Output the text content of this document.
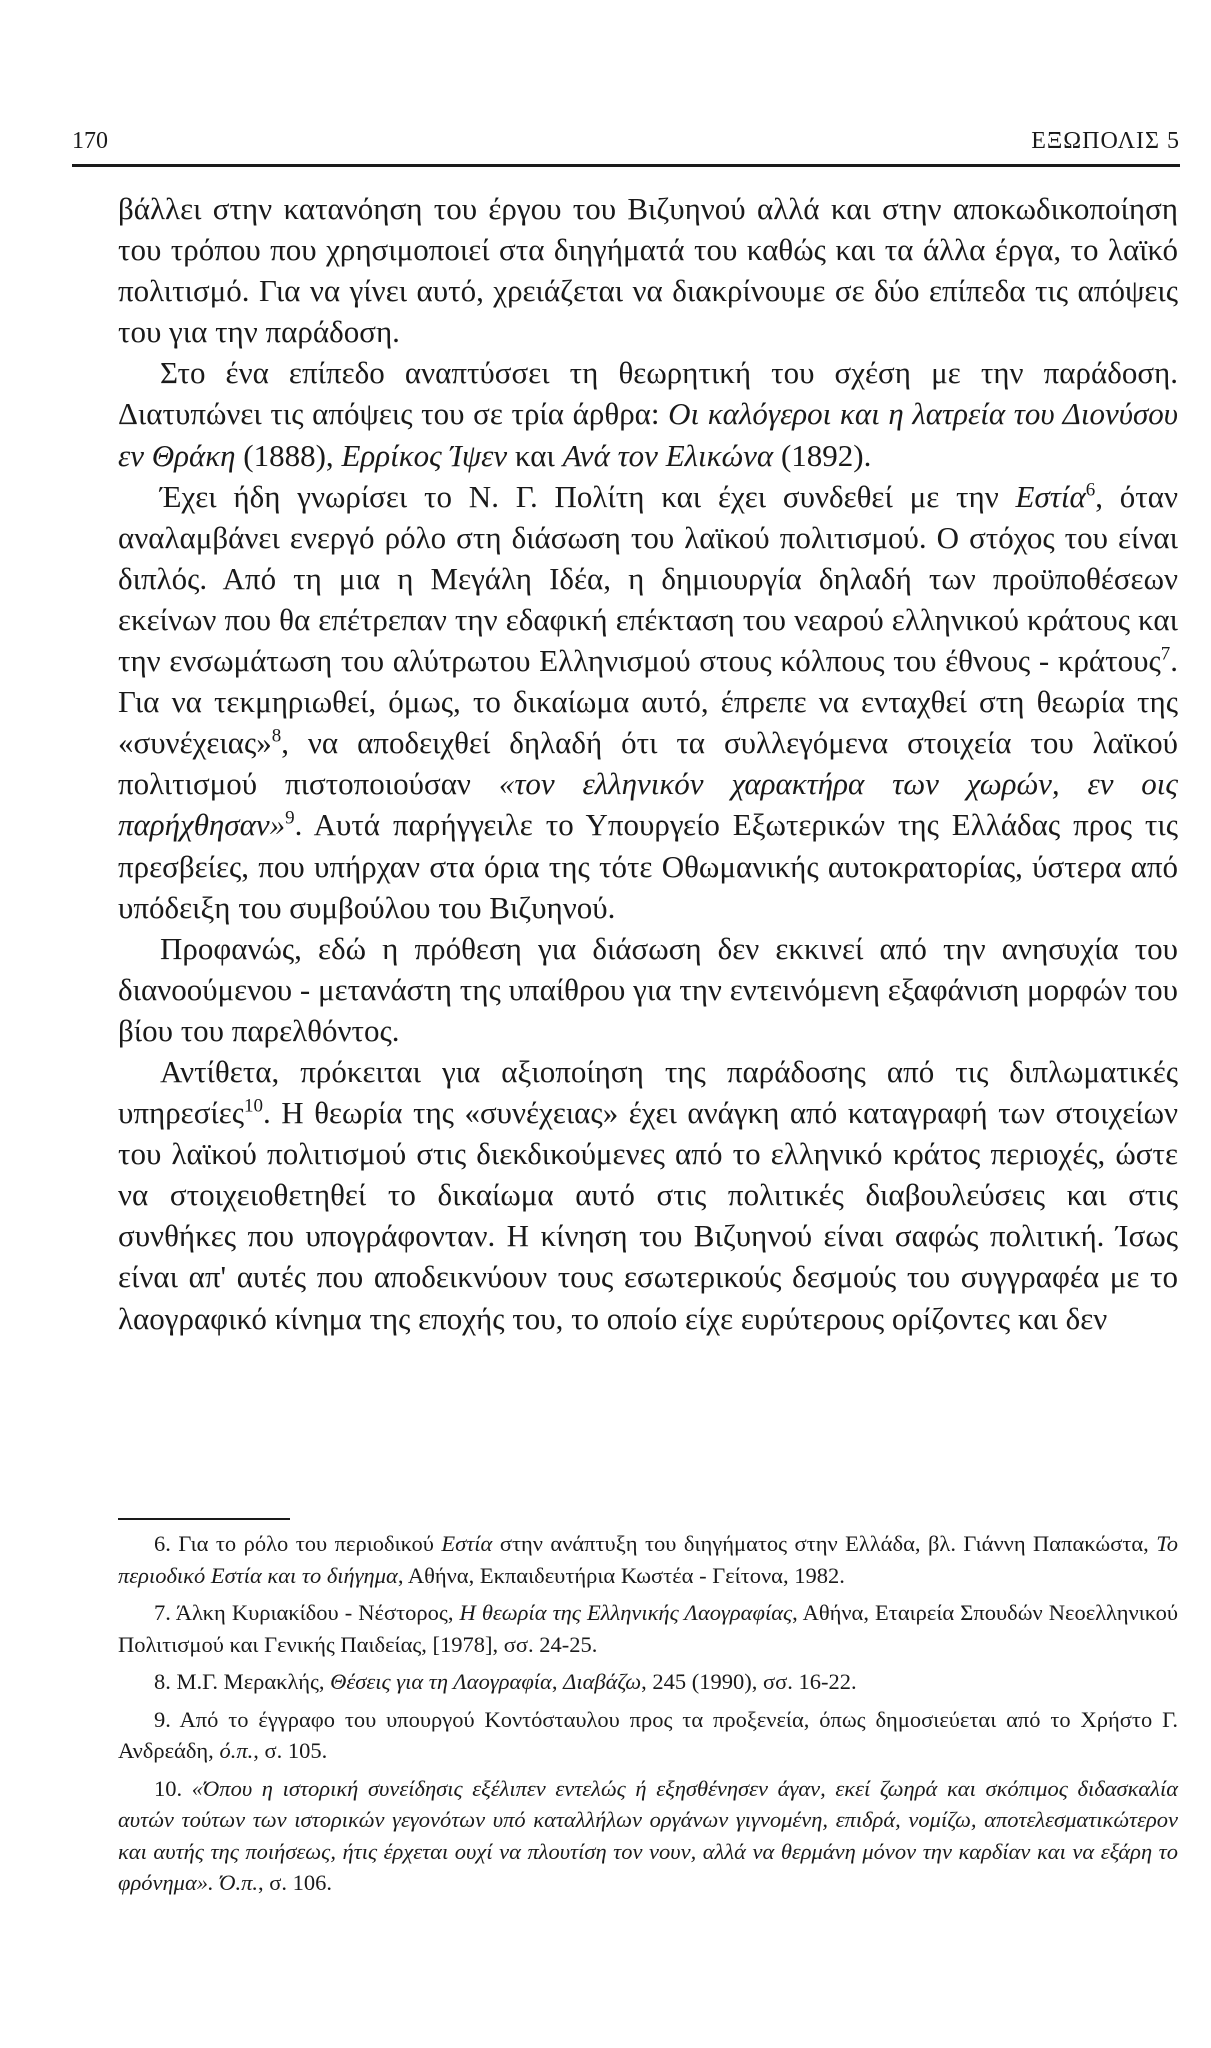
170	ΕΞΩΠΟΛΙΣ 5

βάλλει στην κατανόηση του έργου του Βιζυηνού αλλά και στην αποκωδικοποίηση του τρόπου που χρησιμοποιεί στα διηγήματά του καθώς και τα άλλα έργα, το λαϊκό πολιτισμό. Για να γίνει αυτό, χρειάζεται να διακρίνουμε σε δύο επίπεδα τις απόψεις του για την παράδοση.

Στο ένα επίπεδο αναπτύσσει τη θεωρητική του σχέση με την παράδοση. Διατυπώνει τις απόψεις του σε τρία άρθρα: Οι καλόγεροι και η λατρεία του Διονύσου εν Θράκη (1888), Ερρίκος Ίψεν και Ανά τον Ελικώνα (1892).

Έχει ήδη γνωρίσει το Ν. Γ. Πολίτη και έχει συνδεθεί με την Εστία$^6$, όταν αναλαμβάνει ενεργό ρόλο στη διάσωση του λαϊκού πολιτισμού. Ο στόχος του είναι διπλός. Από τη μια η Μεγάλη Ιδέα, η δημιουργία δηλαδή των προϋποθέσεων εκείνων που θα επέτρεπαν την εδαφική επέκταση του νεαρού ελληνικού κράτους και την ενσωμάτωση του αλύτρωτου Ελληνισμού στους κόλπους του έθνους - κράτους$^7$. Για να τεκμηριωθεί, όμως, το δικαίωμα αυτό, έπρεπε να ενταχθεί στη θεωρία της «συνέχειας»$^8$, να αποδειχθεί δηλαδή ότι τα συλλεγόμενα στοιχεία του λαϊκού πολιτισμού πιστοποιούσαν «τον ελληνικόν χαρακτήρα των χωρών, εν οις παρήχθησαν»$^9$. Αυτά παρήγγειλε το Υπουργείο Εξωτερικών της Ελλάδας προς τις πρεσβείες, που υπήρχαν στα όρια της τότε Οθωμανικής αυτοκρατορίας, ύστερα από υπόδειξη του συμβούλου του Βιζυηνού.

Προφανώς, εδώ η πρόθεση για διάσωση δεν εκκινεί από την ανησυχία του διανοούμενου - μετανάστη της υπαίθρου για την εντεινόμενη εξαφάνιση μορφών του βίου του παρελθόντος.

Αντίθετα, πρόκειται για αξιοποίηση της παράδοσης από τις διπλωματικές υπηρεσίες$^{10}$. Η θεωρία της «συνέχειας» έχει ανάγκη από καταγραφή των στοιχείων του λαϊκού πολιτισμού στις διεκδικούμενες από το ελληνικό κράτος περιοχές, ώστε να στοιχειοθετηθεί το δικαίωμα αυτό στις πολιτικές διαβουλεύσεις και στις συνθήκες που υπογράφονταν. Η κίνηση του Βιζυηνού είναι σαφώς πολιτική. Ίσως είναι απ' αυτές που αποδεικνύουν τους εσωτερικούς δεσμούς του συγγραφέα με το λαογραφικό κίνημα της εποχής του, το οποίο είχε ευρύτερους ορίζοντες και δεν

6. Για το ρόλο του περιοδικού Εστία στην ανάπτυξη του διηγήματος στην Ελλάδα, βλ. Γιάννη Παπακώστα, Το περιοδικό Εστία και το διήγημα, Αθήνα, Εκπαιδευτήρια Κωστέα - Γείτονα, 1982.

7. Άλκη Κυριακίδου - Νέστορος, Η θεωρία της Ελληνικής Λαογραφίας, Αθήνα, Εταιρεία Σπουδών Νεοελληνικού Πολιτισμού και Γενικής Παιδείας, [1978], σσ. 24-25.

8. Μ.Γ. Μερακλής, Θέσεις για τη Λαογραφία, Διαβάζω, 245 (1990), σσ. 16-22.

9. Από το έγγραφο του υπουργού Κοντόσταυλου προς τα προξενεία, όπως δημοσιεύεται από το Χρήστο Γ. Ανδρεάδη, ό.π., σ. 105.

10. «Όπου η ιστορική συνείδησις εξέλιπεν εντελώς ή εξησθένησεν άγαν, εκεί ζωηρά και σκόπιμος διδασκαλία αυτών τούτων των ιστορικών γεγονότων υπό καταλλήλων οργάνων γιγνομένη, επιδρά, νομίζω, αποτελεσματικώτερον και αυτής της ποιήσεως, ήτις έρχεται ουχί να πλουτίση τον νουν, αλλά να θερμάνη μόνον την καρδίαν και να εξάρη το φρόνημα». Ό.π., σ. 106.
